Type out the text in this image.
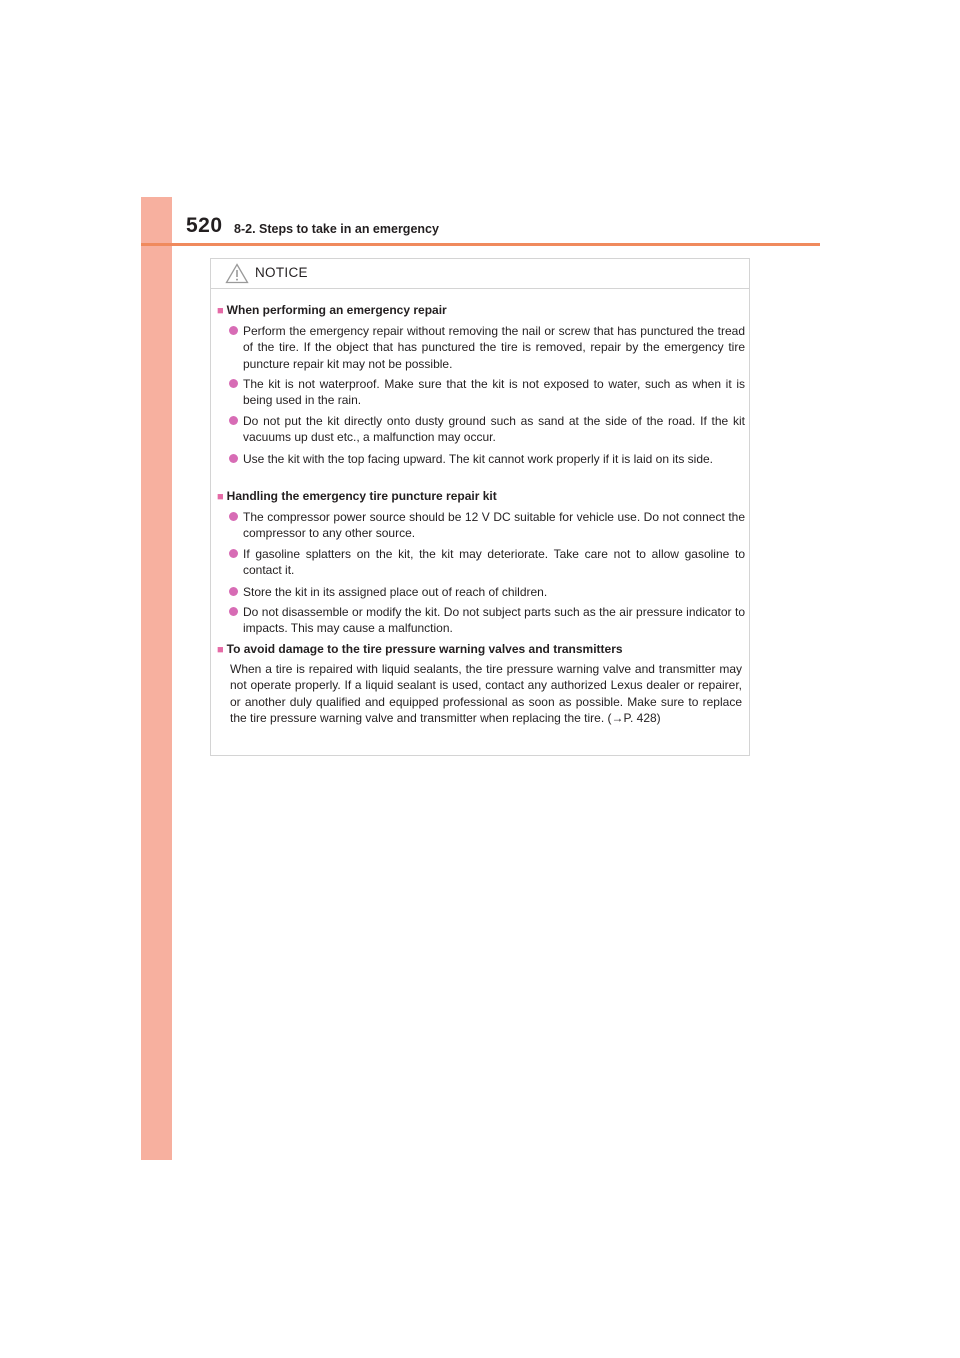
520 8-2. Steps to take in an emergency
NOTICE
■ When performing an emergency repair
Perform the emergency repair without removing the nail or screw that has punctured the tread of the tire. If the object that has punctured the tire is removed, repair by the emergency tire puncture repair kit may not be possible.
The kit is not waterproof. Make sure that the kit is not exposed to water, such as when it is being used in the rain.
Do not put the kit directly onto dusty ground such as sand at the side of the road. If the kit vacuums up dust etc., a malfunction may occur.
Use the kit with the top facing upward. The kit cannot work properly if it is laid on its side.
■ Handling the emergency tire puncture repair kit
The compressor power source should be 12 V DC suitable for vehicle use. Do not connect the compressor to any other source.
If gasoline splatters on the kit, the kit may deteriorate. Take care not to allow gasoline to contact it.
Store the kit in its assigned place out of reach of children.
Do not disassemble or modify the kit. Do not subject parts such as the air pressure indicator to impacts. This may cause a malfunction.
■ To avoid damage to the tire pressure warning valves and transmitters
When a tire is repaired with liquid sealants, the tire pressure warning valve and transmitter may not operate properly. If a liquid sealant is used, contact any authorized Lexus dealer or repairer, or another duly qualified and equipped professional as soon as possible. Make sure to replace the tire pressure warning valve and transmitter when replacing the tire. (→P. 428)
